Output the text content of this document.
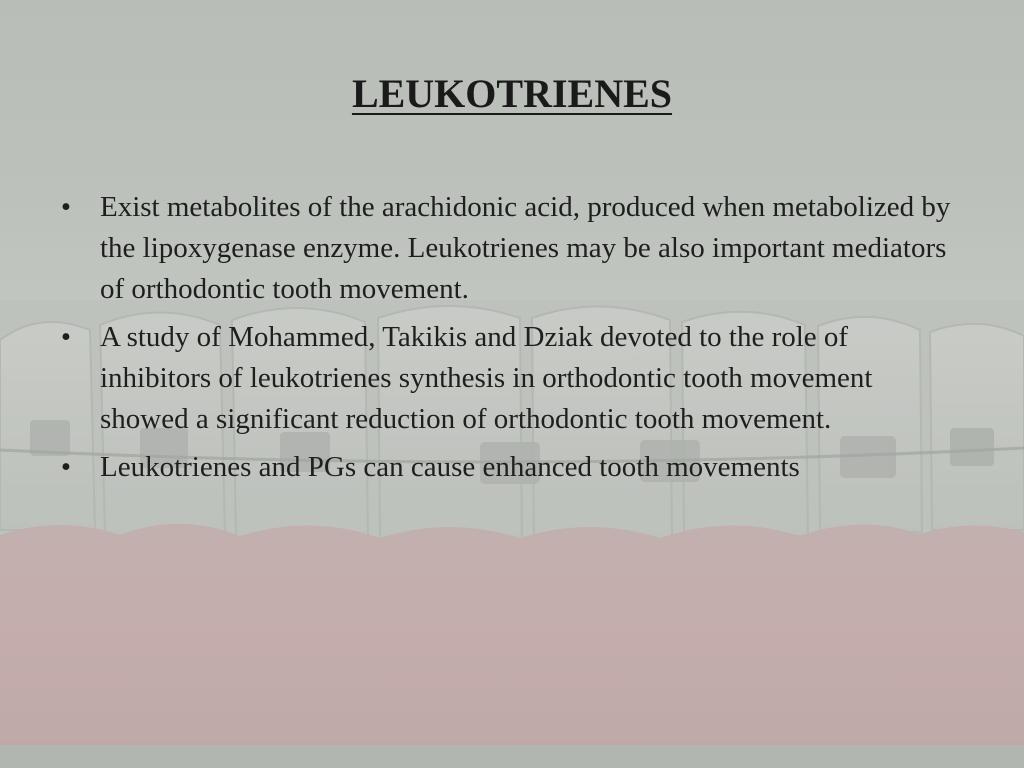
LEUKOTRIENES
• Exist metabolites of the arachidonic acid, produced when metabolized by the lipoxygenase enzyme. Leukotrienes may be also important mediators of orthodontic tooth movement.
• A study of Mohammed, Takikis and Dziak devoted to the role of inhibitors of leukotrienes synthesis in orthodontic tooth movement showed a significant reduction of orthodontic tooth movement.
• Leukotrienes and PGs can cause enhanced tooth movements
